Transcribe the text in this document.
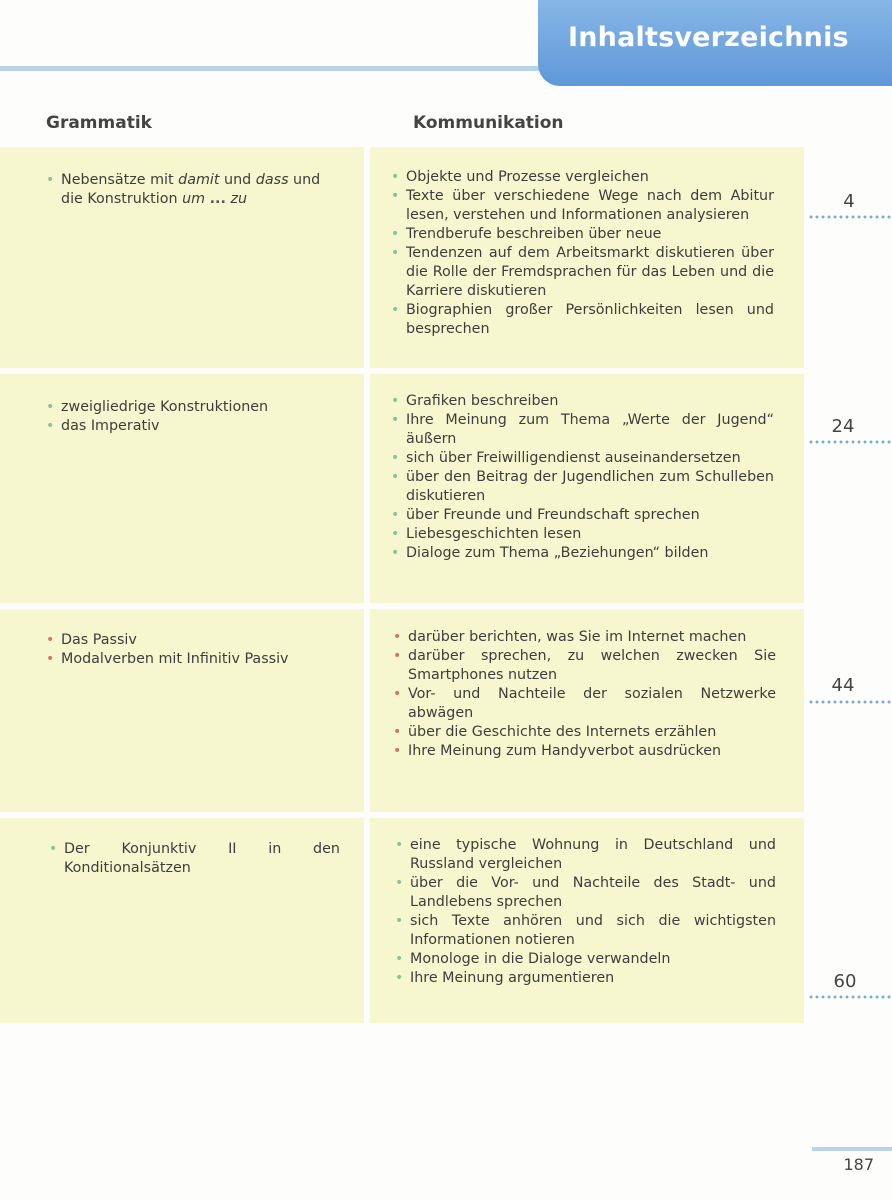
Inhaltsverzeichnis
Grammatik	Kommunikation
• Nebensätze mit damit und dass und die Konstruktion um ... zu
• Objekte und Prozesse vergleichen
• Texte über verschiedene Wege nach dem Abitur lesen, verstehen und Informationen analysieren
• Trendberufe beschreiben über neue
• Tendenzen auf dem Arbeitsmarkt diskutieren über die Rolle der Fremdsprachen für das Leben und die Karriere diskutieren
• Biographien großer Persönlichkeiten lesen und besprechen
4
• zweigliedrige Konstruktionen
• das Imperativ
• Grafiken beschreiben
• Ihre Meinung zum Thema „Werte der Jugend“ äußern
• sich über Freiwilligendienst auseinandersetzen
• über den Beitrag der Jugendlichen zum Schulleben diskutieren
• über Freunde und Freundschaft sprechen
• Liebesgeschichten lesen
• Dialoge zum Thema „Beziehungen“ bilden
24
• Das Passiv
• Modalverben mit Infinitiv Passiv
• darüber berichten, was Sie im Internet machen
• darüber sprechen, zu welchen zwecken Sie Smartphones nutzen
• Vor- und Nachteile der sozialen Netzwerke abwägen
• über die Geschichte des Internets erzählen
• Ihre Meinung zum Handyverbot ausdrücken
44
• Der Konjunktiv II in den Konditionalsätzen
• eine typische Wohnung in Deutschland und Russland vergleichen
• über die Vor- und Nachteile des Stadt- und Landlebens sprechen
• sich Texte anhören und sich die wichtigsten Informationen notieren
• Monologe in die Dialoge verwandeln
• Ihre Meinung argumentieren	60
187
